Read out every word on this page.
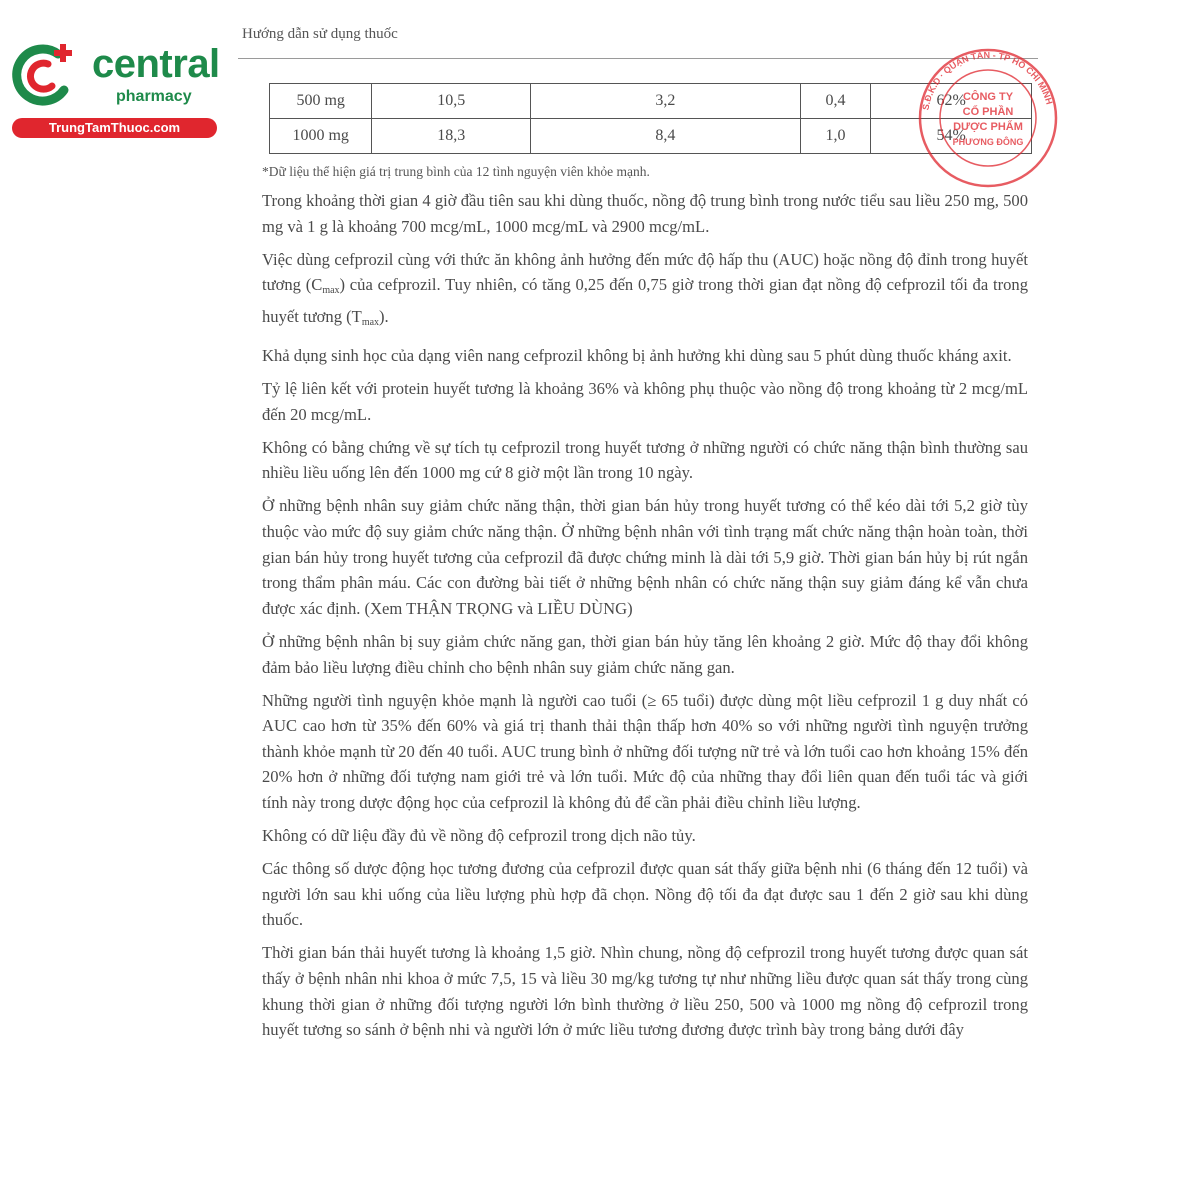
central
pharmacy
TrungTamThuoc.com
Hướng dẫn sử dụng thuốc
500 mg	10,5	3,2	0,4	62%
1000 mg	18,3	8,4	1,0	54%
S.Đ.K.D · QUẬN TÂN - TP HỒ CHÍ MINH
CÔNG TY
CỔ PHẦN
DƯỢC PHẨM
PHƯƠNG ĐÔNG
*Dữ liệu thể hiện giá trị trung bình của 12 tình nguyện viên khỏe mạnh.

Trong khoảng thời gian 4 giờ đầu tiên sau khi dùng thuốc, nồng độ trung bình trong nước tiểu sau liều 250 mg, 500 mg và 1 g là khoảng 700 mcg/mL, 1000 mcg/mL và 2900 mcg/mL.

Việc dùng cefprozil cùng với thức ăn không ảnh hưởng đến mức độ hấp thu (AUC) hoặc nồng độ đỉnh trong huyết tương $(C_{max})$ của cefprozil. Tuy nhiên, có tăng 0,25 đến 0,75 giờ trong thời gian đạt nồng độ cefprozil tối đa trong huyết tương $(T_{max})$.

Khả dụng sinh học của dạng viên nang cefprozil không bị ảnh hưởng khi dùng sau 5 phút dùng thuốc kháng axit.

Tỷ lệ liên kết với protein huyết tương là khoảng 36% và không phụ thuộc vào nồng độ trong khoảng từ 2 mcg/mL đến 20 mcg/mL.

Không có bằng chứng về sự tích tụ cefprozil trong huyết tương ở những người có chức năng thận bình thường sau nhiều liều uống lên đến 1000 mg cứ 8 giờ một lần trong 10 ngày.

Ở những bệnh nhân suy giảm chức năng thận, thời gian bán hủy trong huyết tương có thể kéo dài tới 5,2 giờ tùy thuộc vào mức độ suy giảm chức năng thận. Ở những bệnh nhân với tình trạng mất chức năng thận hoàn toàn, thời gian bán hủy trong huyết tương của cefprozil đã được chứng minh là dài tới 5,9 giờ. Thời gian bán hủy bị rút ngắn trong thẩm phân máu. Các con đường bài tiết ở những bệnh nhân có chức năng thận suy giảm đáng kể vẫn chưa được xác định. (Xem THẬN TRỌNG và LIỀU DÙNG)

Ở những bệnh nhân bị suy giảm chức năng gan, thời gian bán hủy tăng lên khoảng 2 giờ. Mức độ thay đổi không đảm bảo liều lượng điều chỉnh cho bệnh nhân suy giảm chức năng gan.

Những người tình nguyện khỏe mạnh là người cao tuổi (≥ 65 tuổi) được dùng một liều cefprozil 1 g duy nhất có AUC cao hơn từ 35% đến 60% và giá trị thanh thải thận thấp hơn 40% so với những người tình nguyện trưởng thành khỏe mạnh từ 20 đến 40 tuổi. AUC trung bình ở những đối tượng nữ trẻ và lớn tuổi cao hơn khoảng 15% đến 20% hơn ở những đối tượng nam giới trẻ và lớn tuổi. Mức độ của những thay đổi liên quan đến tuổi tác và giới tính này trong dược động học của cefprozil là không đủ để cần phải điều chỉnh liều lượng.

Không có dữ liệu đầy đủ về nồng độ cefprozil trong dịch não tủy.

Các thông số dược động học tương đương của cefprozil được quan sát thấy giữa bệnh nhi (6 tháng đến 12 tuổi) và người lớn sau khi uống của liều lượng phù hợp đã chọn. Nồng độ tối đa đạt được sau 1 đến 2 giờ sau khi dùng thuốc.

Thời gian bán thải huyết tương là khoảng 1,5 giờ. Nhìn chung, nồng độ cefprozil trong huyết tương được quan sát thấy ở bệnh nhân nhi khoa ở mức 7,5, 15 và liều 30 mg/kg tương tự như những liều được quan sát thấy trong cùng khung thời gian ở những đối tượng người lớn bình thường ở liều 250, 500 và 1000 mg nồng độ cefprozil trong huyết tương so sánh ở bệnh nhi và người lớn ở mức liều tương đương được trình bày trong bảng dưới đây
